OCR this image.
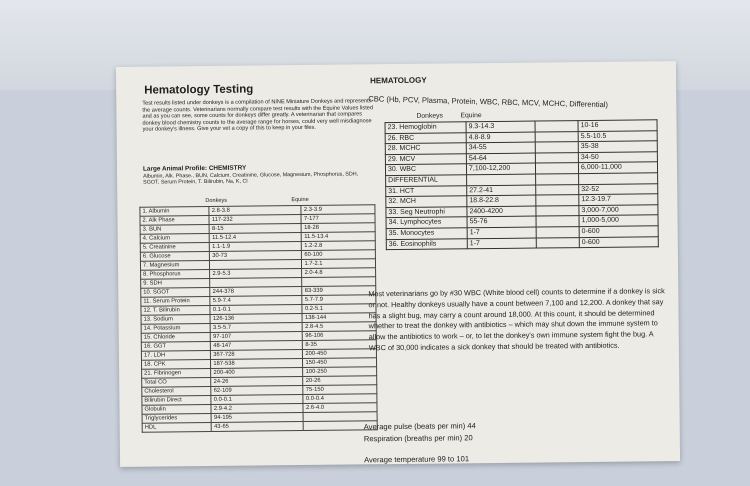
Hematology Testing
Test results listed under donkeys is a compilation of NINE Miniature Donkeys and represents the average counts. Veterinarians normally compare test results with the Equine Values listed and as you can see, some counts for donkeys differ greatly. A veterinarian that compares donkey blood chemistry counts to the average range for horses, could very well misdiagnose your donkey's illness. Give your vet a copy of this to keep in your files.
Large Animal Profile: CHEMISTRY
Albumin, Alk. Phase., BUN, Calcium, Creatinine, Glucose, Magnesium, Phosphorus, SDH, SGOT, Serum Protein, T. Bilirubin, Na, K, Cl
Donkeys	Equine
1. Albumin	2.8-3.8	2.3-3.9
2. Alk Phase	117-232	7-177
3. BUN	8-15	18-28
4. Calcium	11.5-12.4	11.5-13.4
5. Creatinine	1.1-1.9	1.2-2.8
6. Glucose	30-73	60-100
7. Magnesium		1.7-2.1
8. Phosphorus	2.9-5.3	2.0-4.8
9. SDH		
10. SGOT	244-378	83-339
11. Serum Protein	5.9-7.4	5.7-7.9
12. T. Bilirubin	0.1-0.1	0.2-5.1
13. Sodium	126-136	138-144
14. Potassium	3.5-5.7	2.8-4.5
15. Chloride	97-107	96-106
16. GGT	48-147	8-35
17. LDH	367-728	200-450
18. CPK	187-538	150-450
21. Fibrinogen	200-400	100-250
Total CO	24-26	20-26
Cholesterol	62-109	75-150
Bilirubin Direct	0.0-0.1	0.0-0.4
Globulin	2.9-4.2	2.6-4.0
Triglycerides	94-195	
HDL	43-65	
HEMATOLOGY
CBC (Hb, PCV, Plasma, Protein, WBC, RBC, MCV, MCHC, Differential)
Donkeys	Equine
23. Hemoglobin	9.3-14.3		10-16
26. RBC	4.8-8.9		5.5-10.5
28. MCHC	34-55		35-38
29. MCV	54-64		34-50
30. WBC	7,100-12,200		6,000-11,000
DIFFERENTIAL			
31. HCT	27.2-41		32-52
32. MCH	18.8-22.8		12.3-19.7
33. Seg Neutrophi	2400-4200		3,000-7,000
34. Lymphocytes	55-76		1,000-5,000
35. Monocytes	1-7		0-600
36. Eosinophils	1-7		0-600
Most veterinarians go by #30 WBC (White blood cell) counts to determine if a donkey is sick or not. Healthy donkeys usually have a count between 7,100 and 12,200. A donkey that say has a slight bug, may carry a count around 18,000. At this count, it should be determined whether to treat the donkey with antibiotics – which may shut down the immune system to allow the antibiotics to work – or, to let the donkey's own immune system fight the bug. A WBC of 30,000 indicates a sick donkey that should be treated with antibiotics.
Average pulse (beats per min) 44
Respiration (breaths per min) 20
Average temperature 99 to 101
